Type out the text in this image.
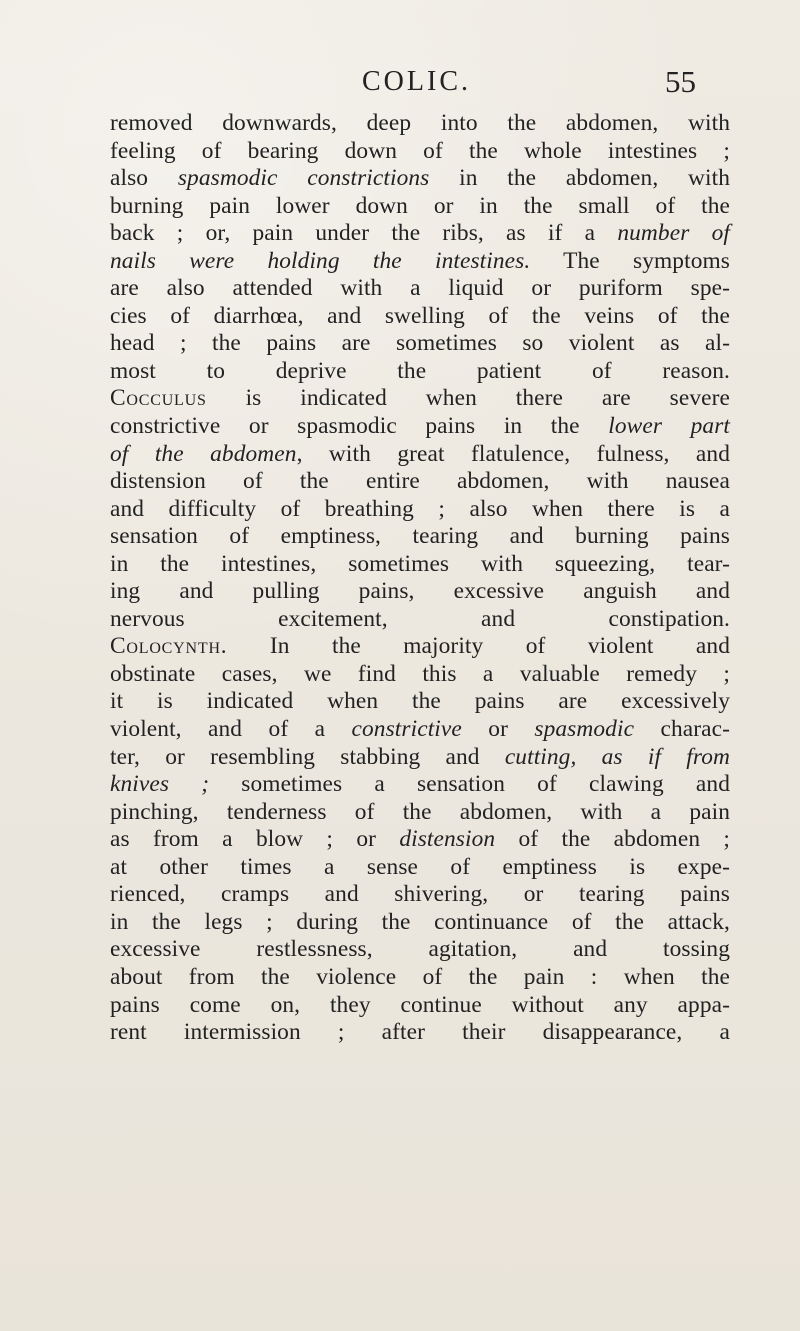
COLIC.	55
removed downwards, deep into the abdomen, with
feeling of bearing down of the whole intestines ;
also spasmodic constrictions in the abdomen, with
burning pain lower down or in the small of the
back ; or, pain under the ribs, as if a number of
nails were holding the intestines. The symptoms
are also attended with a liquid or puriform spe-
cies of diarrhœa, and swelling of the veins of the
head ; the pains are sometimes so violent as al-
most to deprive the patient of reason.
Cocculus is indicated when there are severe
constrictive or spasmodic pains in the lower part
of the abdomen, with great flatulence, fulness, and
distension of the entire abdomen, with nausea
and difficulty of breathing ; also when there is a
sensation of emptiness, tearing and burning pains
in the intestines, sometimes with squeezing, tear-
ing and pulling pains, excessive anguish and
nervous excitement, and constipation.
Colocynth. In the majority of violent and
obstinate cases, we find this a valuable remedy ;
it is indicated when the pains are excessively
violent, and of a constrictive or spasmodic charac-
ter, or resembling stabbing and cutting, as if from
knives ; sometimes a sensation of clawing and
pinching, tenderness of the abdomen, with a pain
as from a blow ; or distension of the abdomen ;
at other times a sense of emptiness is expe-
rienced, cramps and shivering, or tearing pains
in the legs ; during the continuance of the attack,
excessive restlessness, agitation, and tossing
about from the violence of the pain : when the
pains come on, they continue without any appa-
rent intermission ; after their disappearance, a
